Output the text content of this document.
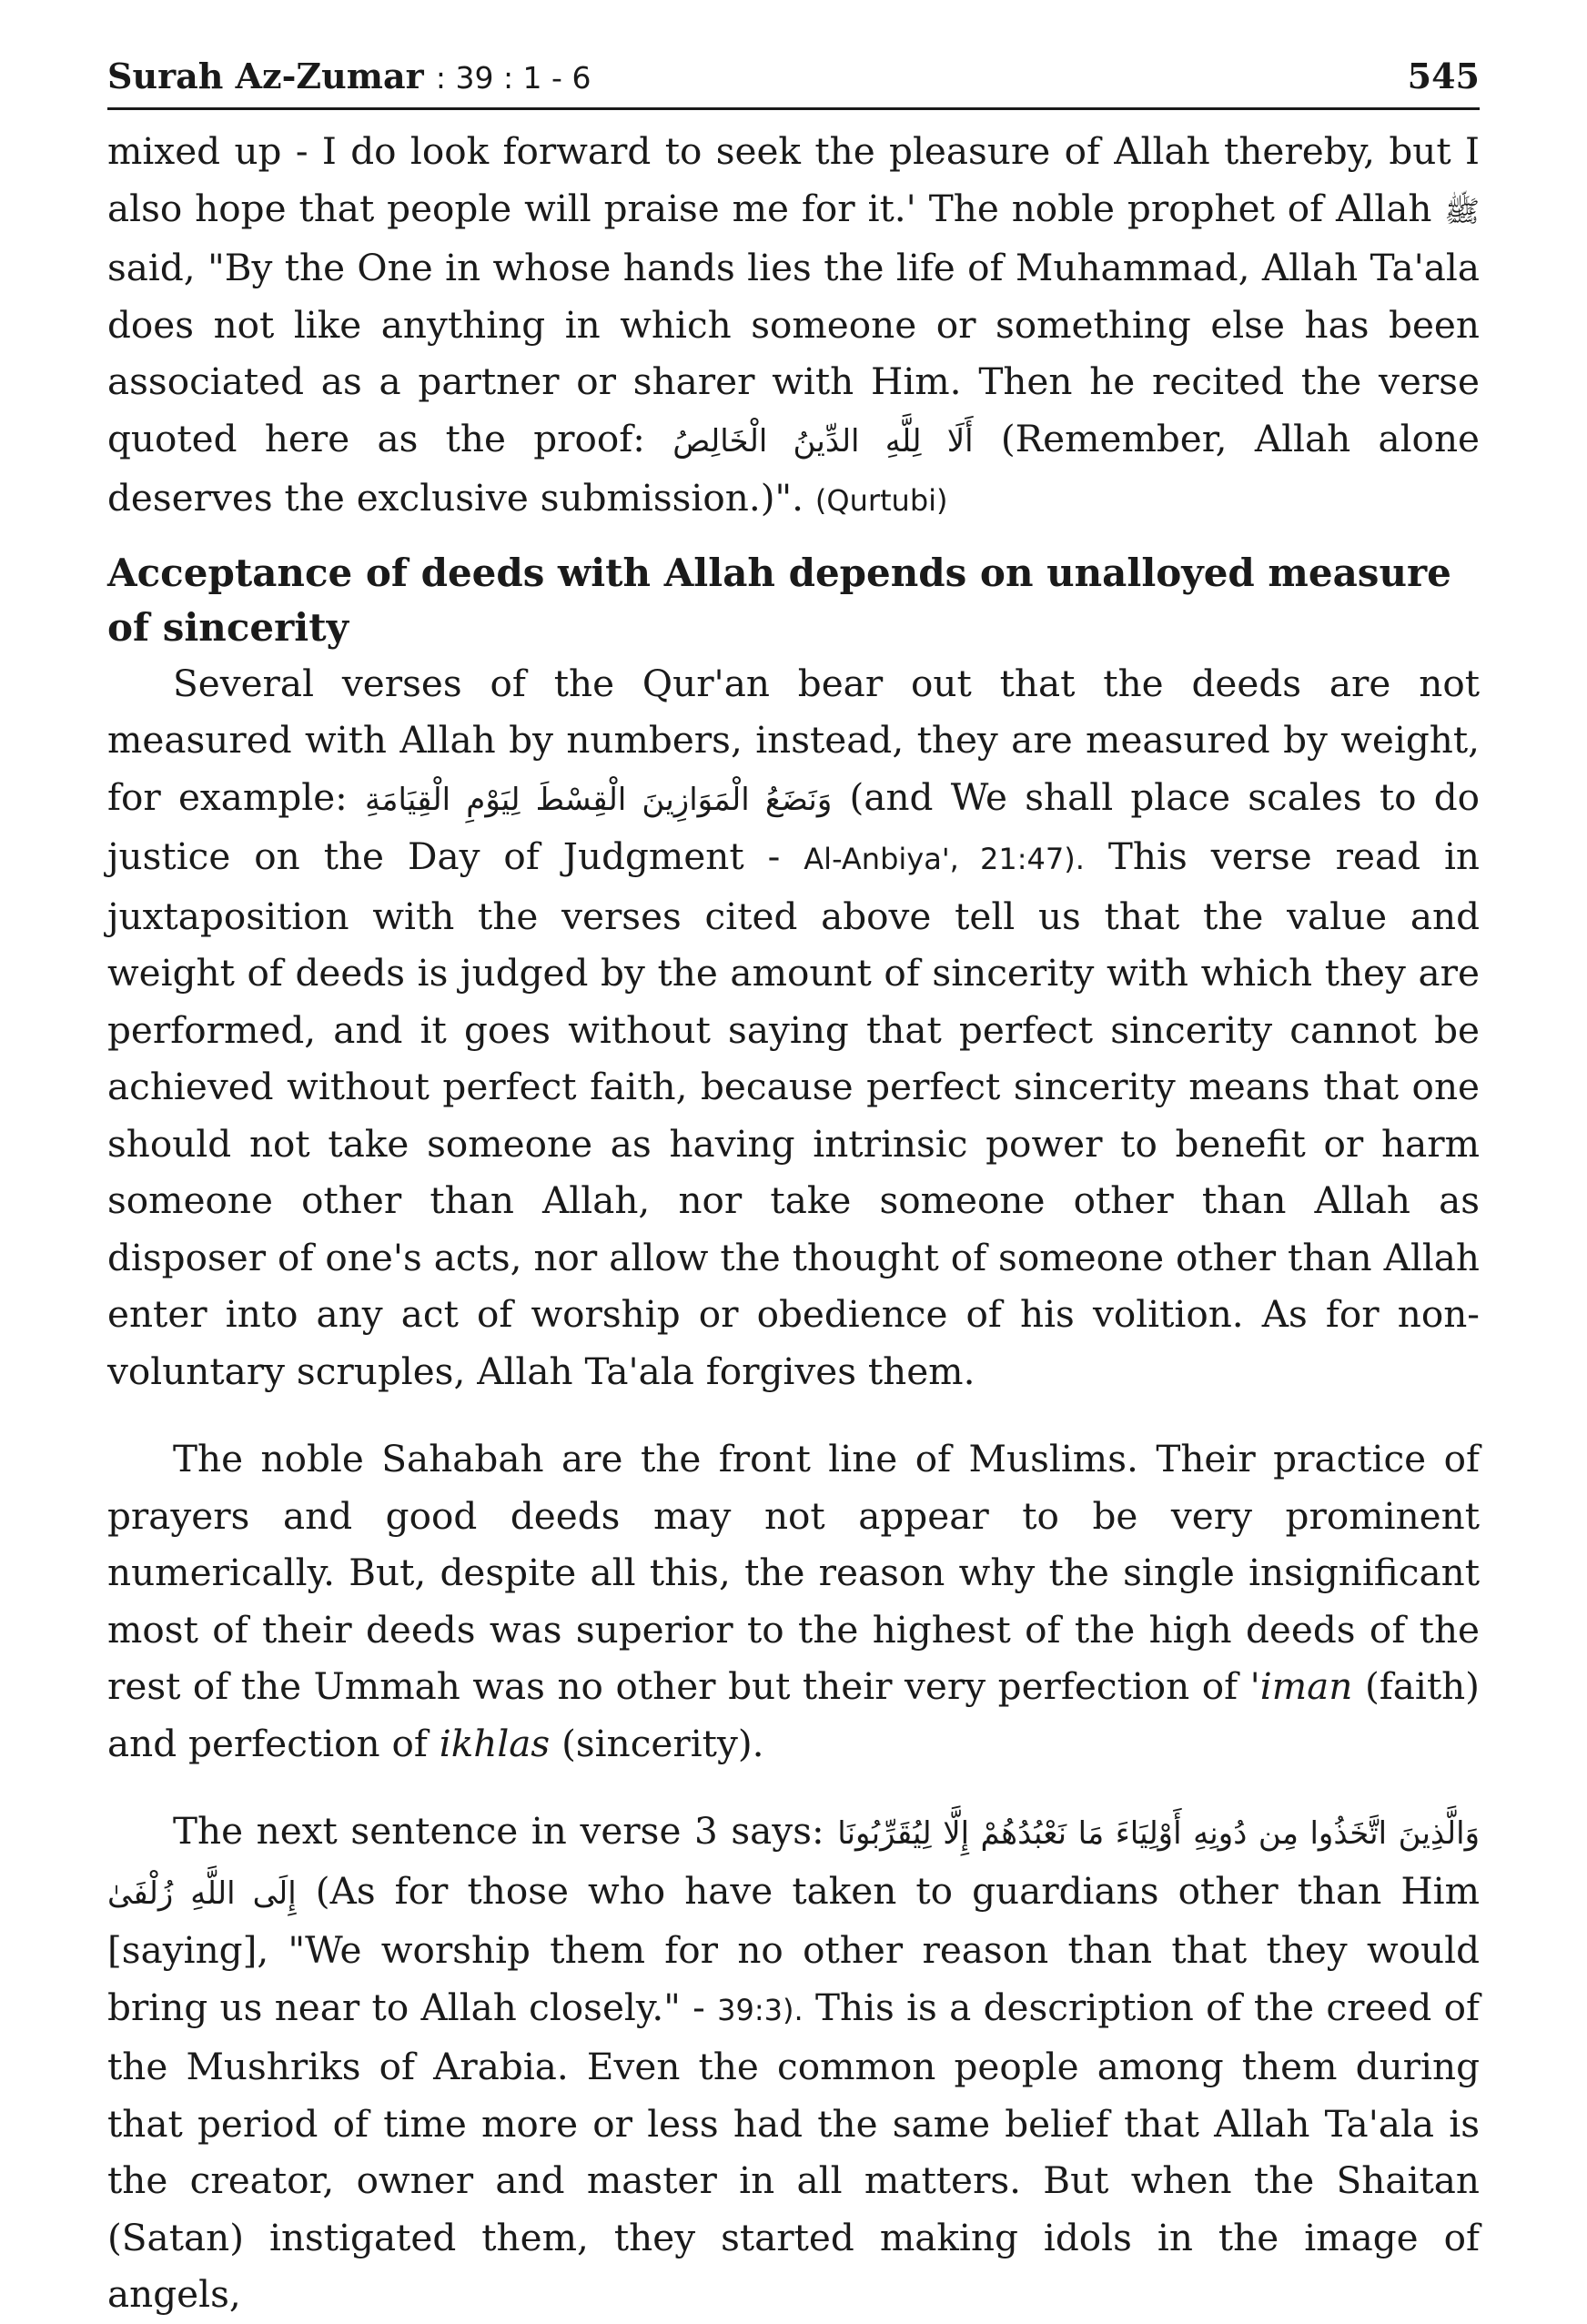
Surah Az-Zumar : 39 : 1 - 6	545

mixed up - I do look forward to seek the pleasure of Allah thereby, but I also hope that people will praise me for it.' The noble prophet of Allah ﷺ said, "By the One in whose hands lies the life of Muhammad, Allah Ta'ala does not like anything in which someone or something else has been associated as a partner or sharer with Him. Then he recited the verse quoted here as the proof: أَلَا لِلَّهِ الدِّينُ الْخَالِصُ (Remember, Allah alone deserves the exclusive submission.)". (Qurtubi)

Acceptance of deeds with Allah depends on unalloyed measure of sincerity

Several verses of the Qur'an bear out that the deeds are not measured with Allah by numbers, instead, they are measured by weight, for example: وَنَضَعُ الْمَوَازِينَ الْقِسْطَ لِيَوْمِ الْقِيَامَةِ (and We shall place scales to do justice on the Day of Judgment - Al-Anbiya', 21:47). This verse read in juxtaposition with the verses cited above tell us that the value and weight of deeds is judged by the amount of sincerity with which they are performed, and it goes without saying that perfect sincerity cannot be achieved without perfect faith, because perfect sincerity means that one should not take someone as having intrinsic power to benefit or harm someone other than Allah, nor take someone other than Allah as disposer of one's acts, nor allow the thought of someone other than Allah enter into any act of worship or obedience of his volition. As for non-voluntary scruples, Allah Ta'ala forgives them.

The noble Sahabah are the front line of Muslims. Their practice of prayers and good deeds may not appear to be very prominent numerically. But, despite all this, the reason why the single insignificant most of their deeds was superior to the highest of the high deeds of the rest of the Ummah was no other but their very perfection of 'iman (faith) and perfection of ikhlas (sincerity).

The next sentence in verse 3 says: وَالَّذِينَ اتَّخَذُوا مِن دُونِهِ أَوْلِيَاءَ مَا نَعْبُدُهُمْ إِلَّا لِيُقَرِّبُونَا إِلَى اللَّهِ زُلْفَىٰ (As for those who have taken to guardians other than Him [saying], "We worship them for no other reason than that they would bring us near to Allah closely." - 39:3). This is a description of the creed of the Mushriks of Arabia. Even the common people among them during that period of time more or less had the same belief that Allah Ta'ala is the creator, owner and master in all matters. But when the Shaitan (Satan) instigated them, they started making idols in the image of angels,
